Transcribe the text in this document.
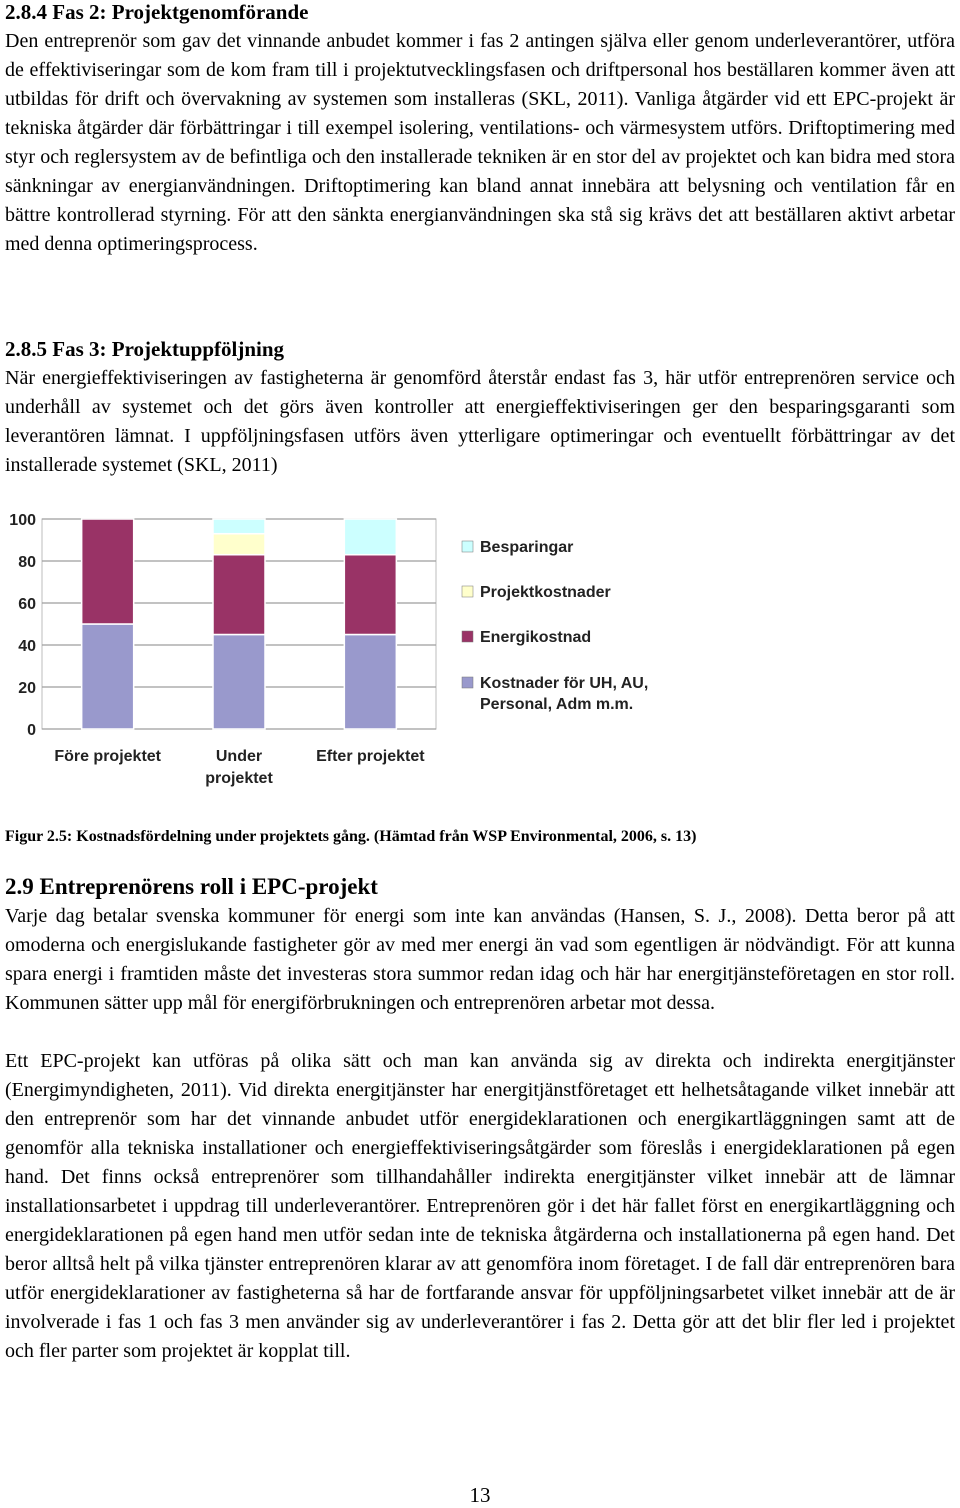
2.8.4 Fas 2: Projektgenomförande

Den entreprenör som gav det vinnande anbudet kommer i fas 2 antingen själva eller genom underleverantörer, utföra de effektiviseringar som de kom fram till i projektutvecklingsfasen och driftpersonal hos beställaren kommer även att utbildas för drift och övervakning av systemen som installeras (SKL, 2011). Vanliga åtgärder vid ett EPC-projekt är tekniska åtgärder där förbättringar i till exempel isolering, ventilations- och värmesystem utförs. Driftoptimering med styr och reglersystem av de befintliga och den installerade tekniken är en stor del av projektet och kan bidra med stora sänkningar av energianvändningen. Driftoptimering kan bland annat innebära att belysning och ventilation får en bättre kontrollerad styrning. För att den sänkta energianvändningen ska stå sig krävs det att beställaren aktivt arbetar med denna optimeringsprocess.

2.8.5 Fas 3: Projektuppföljning

När energieffektiviseringen av fastigheterna är genomförd återstår endast fas 3, här utför entreprenören service och underhåll av systemet och det görs även kontroller att energieffektiviseringen ger den besparingsgaranti som leverantören lämnat. I uppföljningsfasen utförs även ytterligare optimeringar och eventuellt förbättringar av det installerade systemet (SKL, 2011)

2.9 Entreprenörens roll i EPC-projekt

Varje dag betalar svenska kommuner för energi som inte kan användas (Hansen, S. J., 2008). Detta beror på att omoderna och energislukande fastigheter gör av med mer energi än vad som egentligen är nödvändigt. För att kunna spara energi i framtiden måste det investeras stora summor redan idag och här har energitjänsteföretagen en stor roll. Kommunen sätter upp mål för energiförbrukningen och entreprenören arbetar mot dessa.

Ett EPC-projekt kan utföras på olika sätt och man kan använda sig av direkta och indirekta energitjänster (Energimyndigheten, 2011). Vid direkta energitjänster har energitjänstföretaget ett helhetsåtagande vilket innebär att den entreprenör som har det vinnande anbudet utför energideklarationen och energikartläggningen samt att de genomför alla tekniska installationer och energieffektiviseringsåtgärder som föreslås i energideklarationen på egen hand. Det finns också entreprenörer som tillhandahåller indirekta energitjänster vilket innebär att de lämnar installationsarbetet i uppdrag till underleverantörer. Entreprenören gör i det här fallet först en energikartläggning och energideklarationen på egen hand men utför sedan inte de tekniska åtgärderna och installationerna på egen hand. Det beror alltså helt på vilka tjänster entreprenören klarar av att genomföra inom företaget. I de fall där entreprenören bara utför energideklarationer av fastigheterna så har de fortfarande ansvar för uppföljningsarbetet vilket innebär att de är involverade i fas 1 och fas 3 men använder sig av underleverantörer i fas 2. Detta gör att det blir fler led i projektet och fler parter som projektet är kopplat till.

0
20
40
60
80
100
Före projektet	Under
projektet
Efter projektet
Besparingar
Projektkostnader
Energikostnad
Kostnader för UH, AU,
Personal, Adm m.m.
Figur 2.5: Kostnadsfördelning under projektets gång. (Hämtad från WSP Environmental, 2006, s. 13)
13
